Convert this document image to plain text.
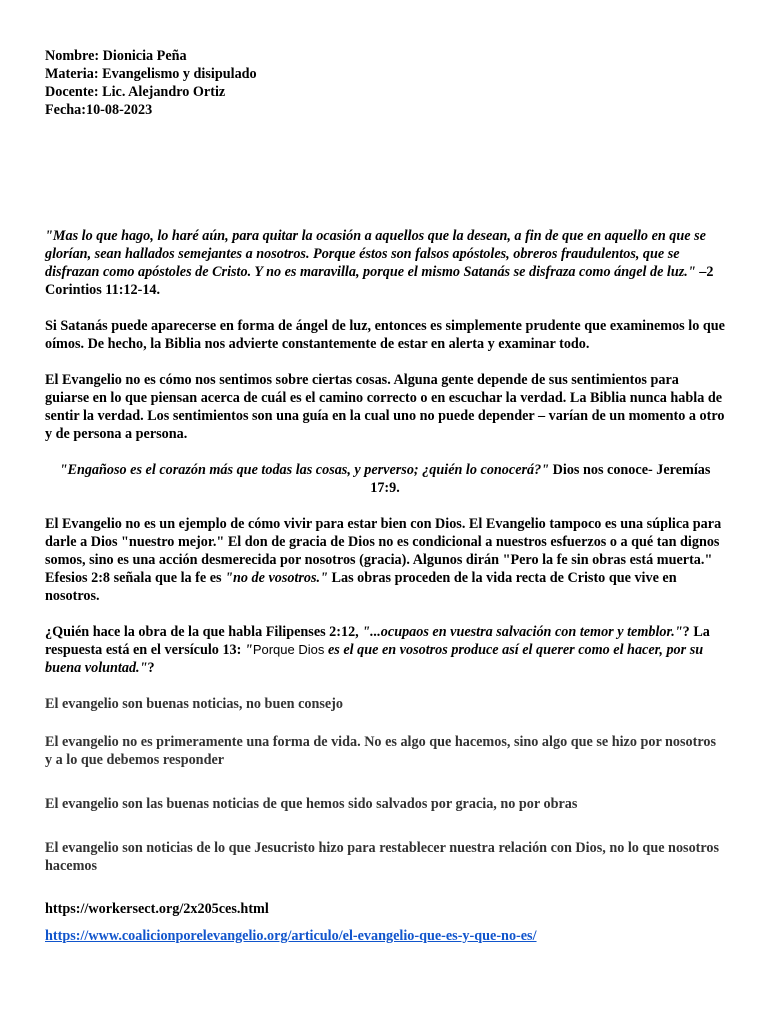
Nombre: Dionicia Peña
Materia: Evangelismo y disipulado
Docente: Lic. Alejandro Ortiz
Fecha:10-08-2023

"Mas lo que hago, lo haré aún, para quitar la ocasión a aquellos que la desean, a fin de que en aquello en que se glorían, sean hallados semejantes a nosotros. Porque éstos son falsos apóstoles, obreros fraudulentos, que se disfrazan como apóstoles de Cristo. Y no es maravilla, porque el mismo Satanás se disfraza como ángel de luz." –2 Corintios 11:12-14.

Si Satanás puede aparecerse en forma de ángel de luz, entonces es simplemente prudente que examinemos lo que oímos. De hecho, la Biblia nos advierte constantemente de estar en alerta y examinar todo.

El Evangelio no es cómo nos sentimos sobre ciertas cosas. Alguna gente depende de sus sentimientos para guiarse en lo que piensan acerca de cuál es el camino correcto o en escuchar la verdad. La Biblia nunca habla de sentir la verdad. Los sentimientos son una guía en la cual uno no puede depender – varían de un momento a otro y de persona a persona.

"Engañoso es el corazón más que todas las cosas, y perverso; ¿quién lo conocerá?" Dios nos conoce- Jeremías 17:9.

El Evangelio no es un ejemplo de cómo vivir para estar bien con Dios. El Evangelio tampoco es una súplica para darle a Dios "nuestro mejor." El don de gracia de Dios no es condicional a nuestros esfuerzos o a qué tan dignos somos, sino es una acción desmerecida por nosotros (gracia). Algunos dirán "Pero la fe sin obras está muerta." Efesios 2:8 señala que la fe es "no de vosotros." Las obras proceden de la vida recta de Cristo que vive en nosotros.

¿Quién hace la obra de la que habla Filipenses 2:12, "...ocupaos en vuestra salvación con temor y temblor."? La respuesta está en el versículo 13: "Porque Dios es el que en vosotros produce así el querer como el hacer, por su buena voluntad."?

El evangelio son buenas noticias, no buen consejo

El evangelio no es primeramente una forma de vida. No es algo que hacemos, sino algo que se hizo por nosotros y a lo que debemos responder

El evangelio son las buenas noticias de que hemos sido salvados por gracia, no por obras

El evangelio son noticias de lo que Jesucristo hizo para restablecer nuestra relación con Dios, no lo que nosotros hacemos

https://workersect.org/2x205ces.html

https://www.coalicionporelevangelio.org/articulo/el-evangelio-que-es-y-que-no-es/
